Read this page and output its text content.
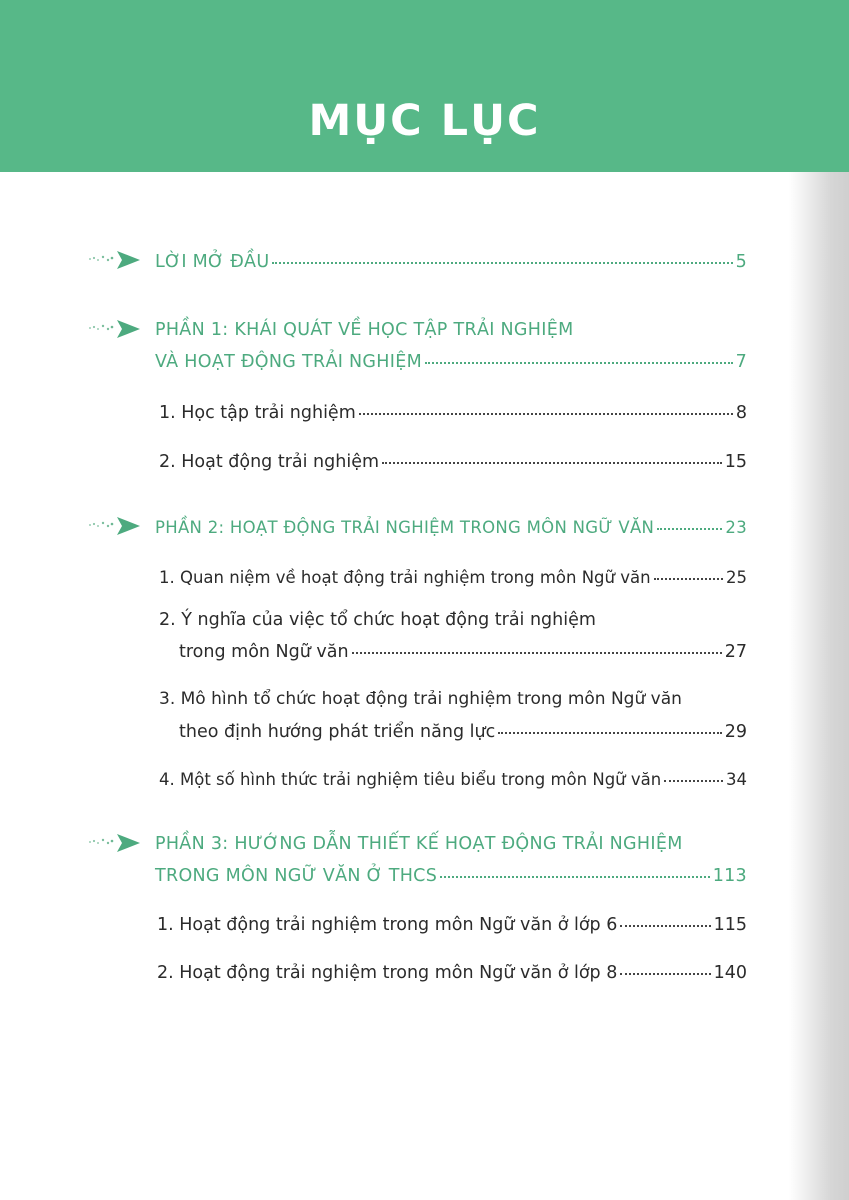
MỤC LỤC
LỜI MỞ ĐẦU	5
PHẦN 1: KHÁI QUÁT VỀ HỌC TẬP TRẢI NGHIỆM
VÀ HOẠT ĐỘNG TRẢI NGHIỆM	7
1. Học tập trải nghiệm	8
2. Hoạt động trải nghiệm	15
PHẦN 2: HOẠT ĐỘNG TRẢI NGHIỆM TRONG MÔN NGỮ VĂN	23
1. Quan niệm về hoạt động trải nghiệm trong môn Ngữ văn	25
2. Ý nghĩa của việc tổ chức hoạt động trải nghiệm
trong môn Ngữ văn	27
3. Mô hình tổ chức hoạt động trải nghiệm trong môn Ngữ văn
theo định hướng phát triển năng lực	29
4. Một số hình thức trải nghiệm tiêu biểu trong môn Ngữ văn	34
PHẦN 3: HƯỚNG DẪN THIẾT KẾ HOẠT ĐỘNG TRẢI NGHIỆM
TRONG MÔN NGỮ VĂN Ở THCS	113
1. Hoạt động trải nghiệm trong môn Ngữ văn ở lớp 6	115
2. Hoạt động trải nghiệm trong môn Ngữ văn ở lớp 8	140
